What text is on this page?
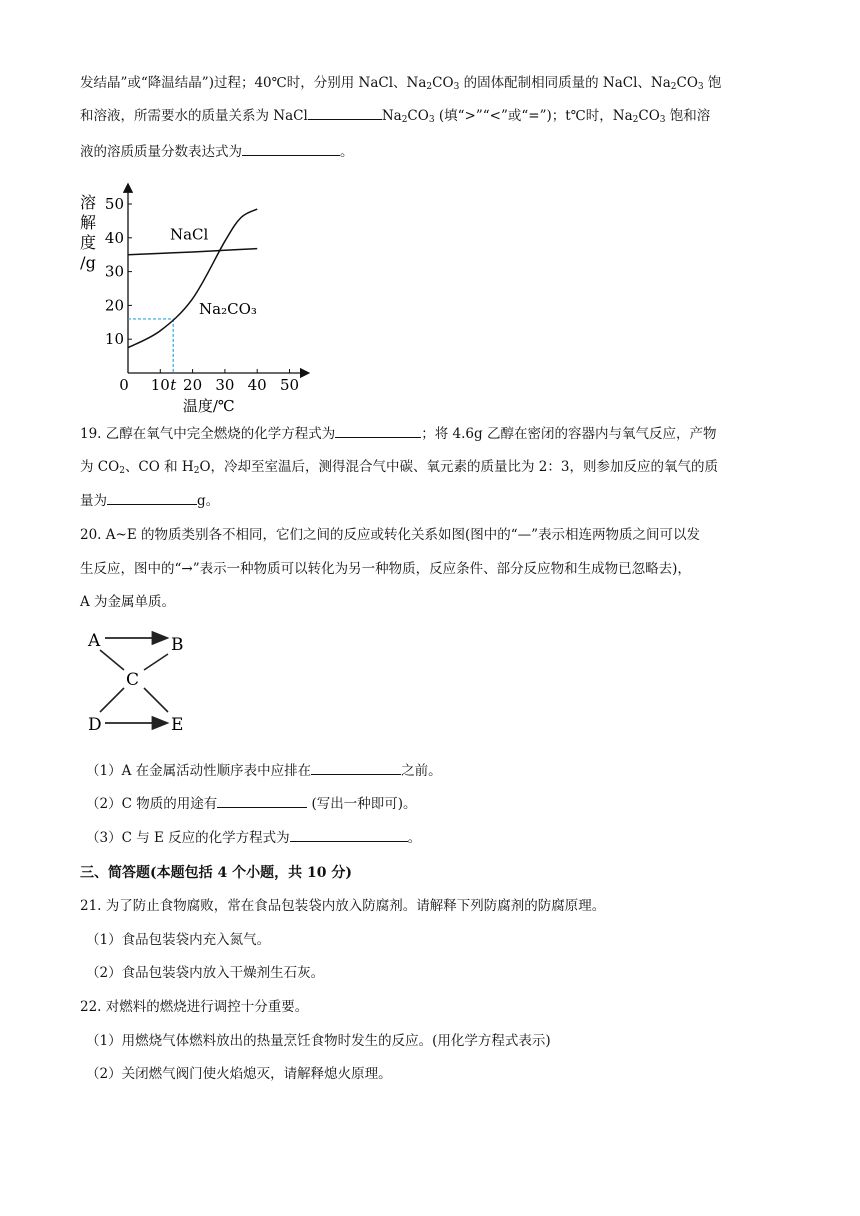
发结晶”或“降温结晶”)过程；40℃时，分别用 NaCl、$Na_2CO_3$ 的固体配制相同质量的 NaCl、$Na_2CO_3$ 饱
和溶液，所需要水的质量关系为 NaCl	$Na_2CO_3$ (填“>”“<”或“=”)；t℃时，$Na_2CO_3$ 饱和溶
液的溶质质量分数表达式为	。
0 10 t 20 30 40 50
10
20
30
40
50
NaCl
Na₂CO₃
溶
解
度
/g
温度/℃
19. 乙醇在氧气中完全燃烧的化学方程式为	；将 4.6g 乙醇在密闭的容器内与氧气反应，产物
为 $CO_2$、CO 和 $H_2O$，冷却至室温后，测得混合气中碳、氧元素的质量比为 2：3，则参加反应的氧气的质
量为	g。
20. A~E 的物质类别各不相同，它们之间的反应或转化关系如图(图中的“—”表示相连两物质之间可以发
生反应，图中的“→”表示一种物质可以转化为另一种物质，反应条件、部分反应物和生成物已忽略去)，
A 为金属单质。
A	B
C
D	E
（1）A 在金属活动性顺序表中应排在	之前。
（2）C 物质的用途有	(写出一种即可)。
（3）C 与 E 反应的化学方程式为	。
三、简答题(本题包括 4 个小题，共 10 分)
21. 为了防止食物腐败，常在食品包装袋内放入防腐剂。请解释下列防腐剂的防腐原理。
（1）食品包装袋内充入氮气。
（2）食品包装袋内放入干燥剂生石灰。
22. 对燃料的燃烧进行调控十分重要。
（1）用燃烧气体燃料放出的热量烹饪食物时发生的反应。(用化学方程式表示)
（2）关闭燃气阀门使火焰熄灭，请解释熄火原理。
